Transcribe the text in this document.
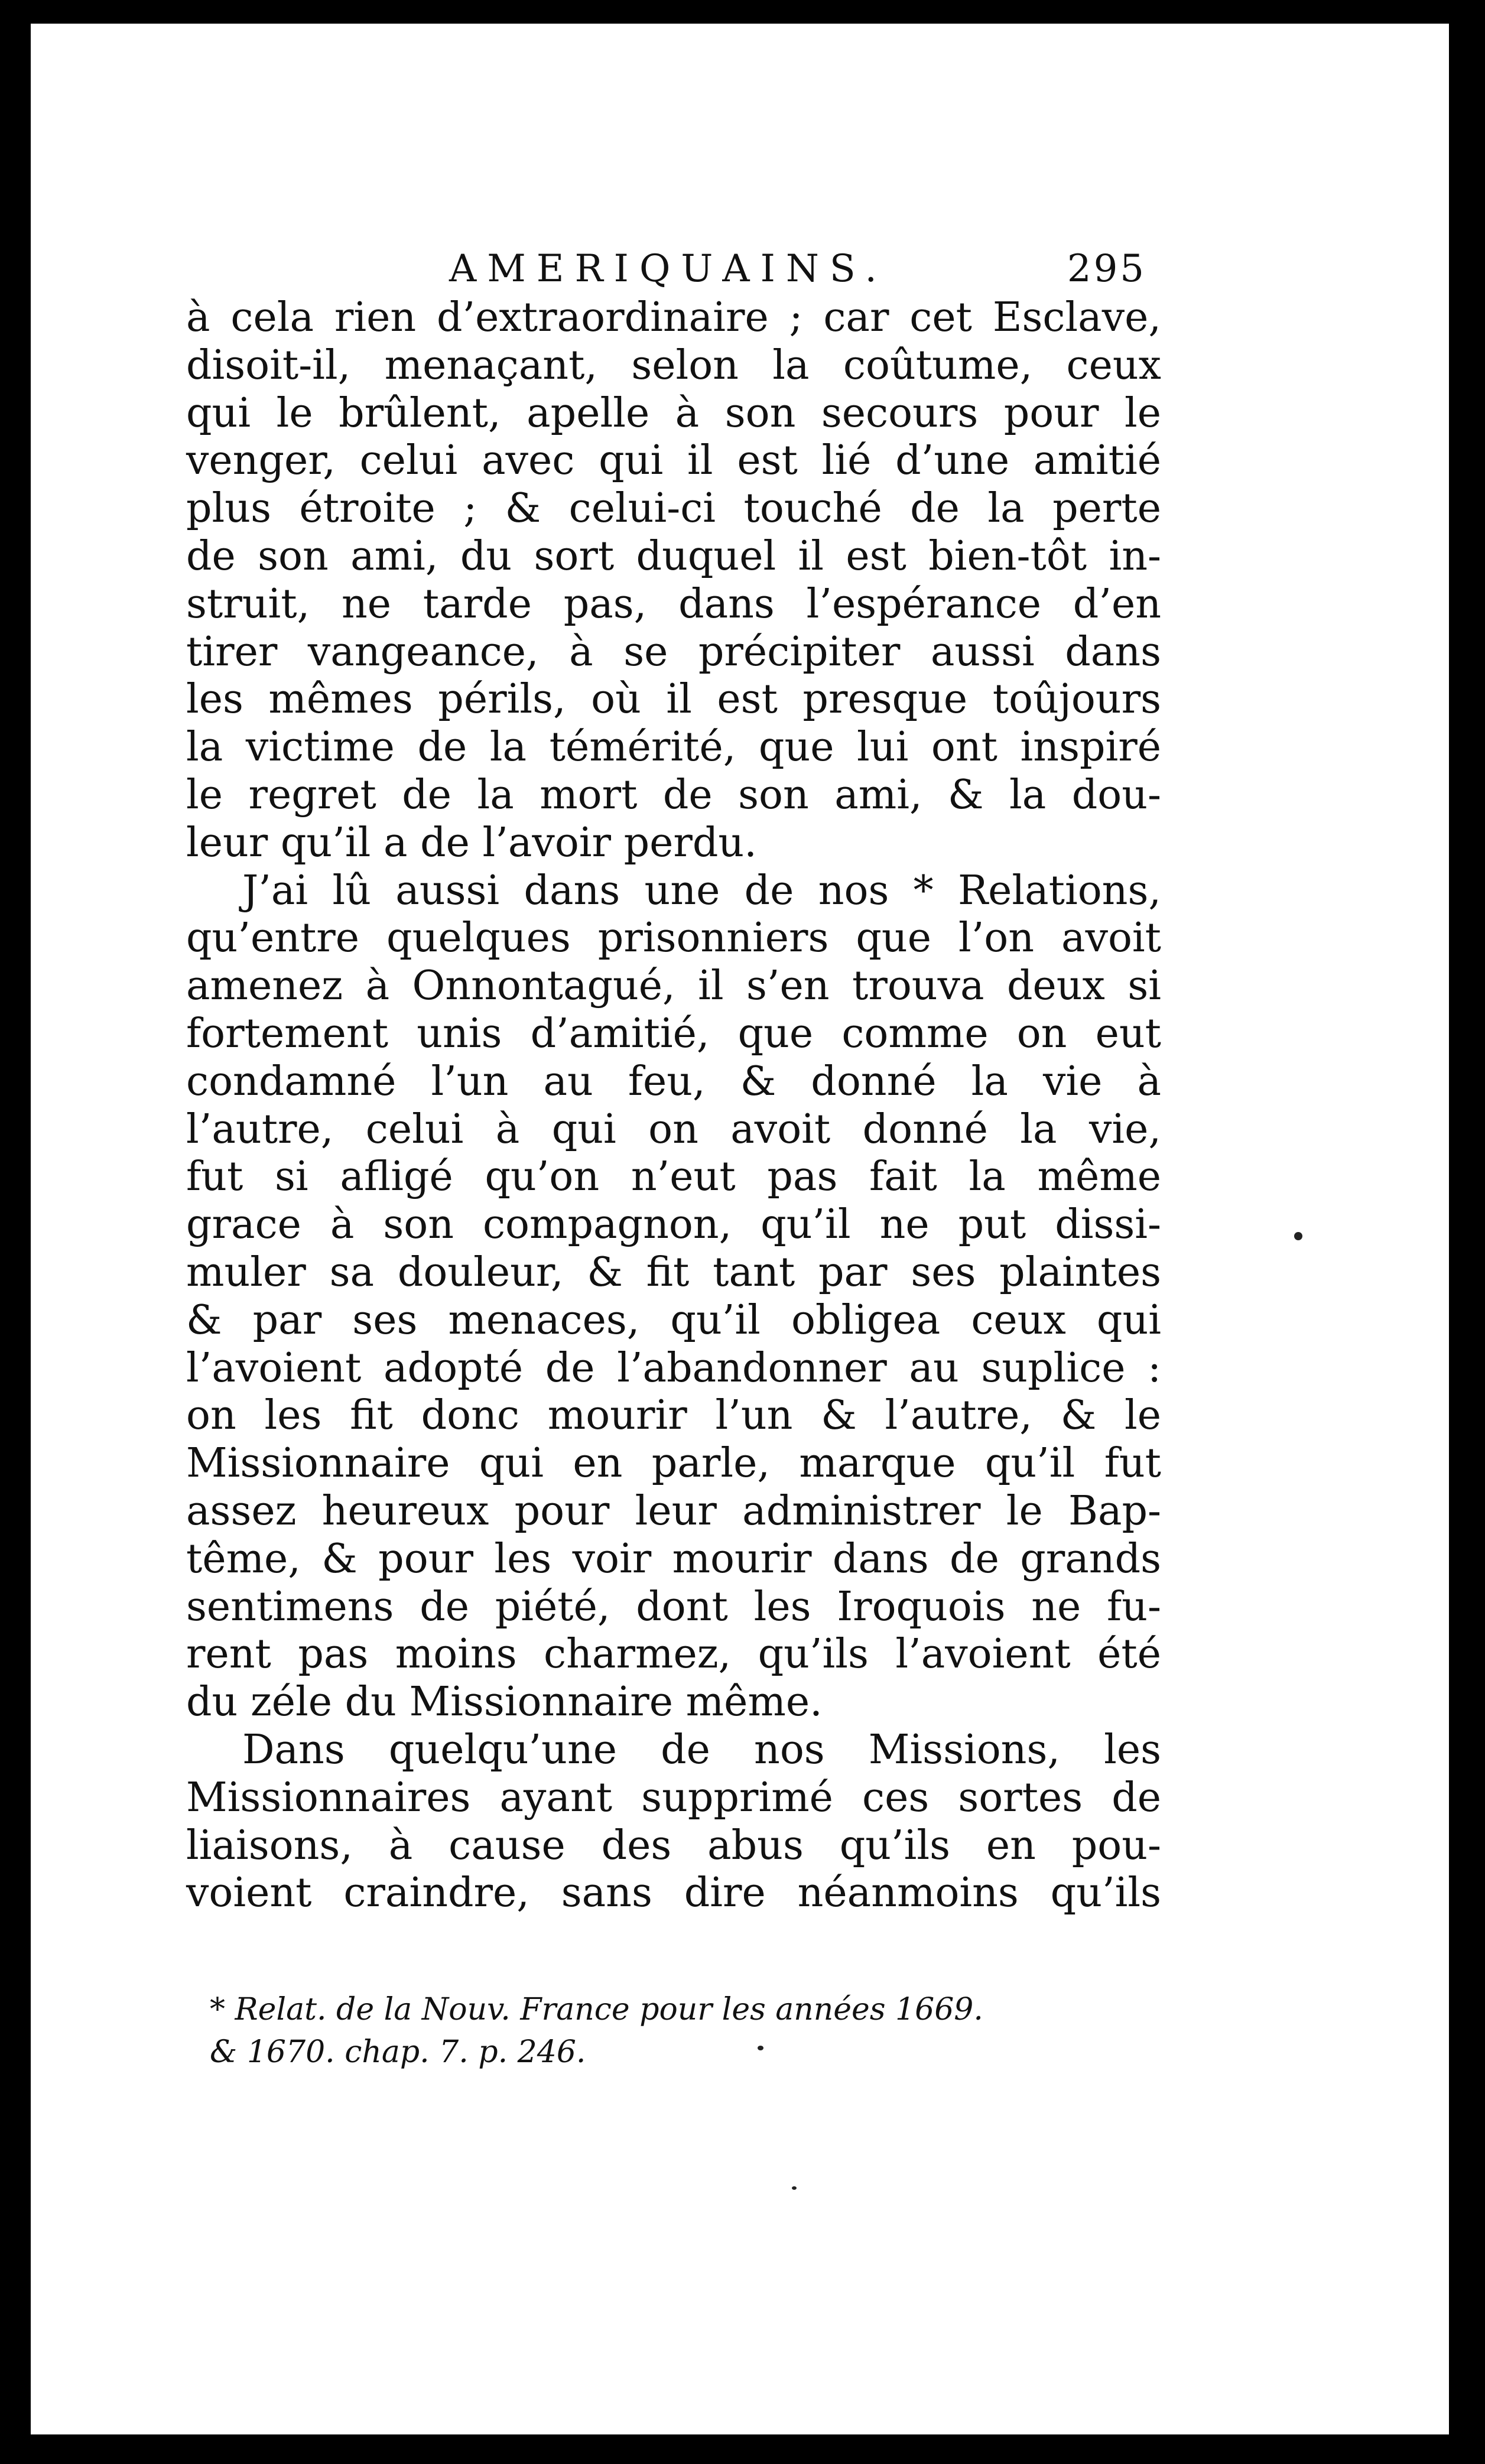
AMERIQUAINS.	295
à cela rien d’extraordinaire ; car cet Esclave,
disoit-il, menaçant, selon la coûtume, ceux
qui le brûlent, apelle à son secours pour le
venger, celui avec qui il est lié d’une amitié
plus étroite ; & celui-ci touché de la perte
de son ami, du sort duquel il est bien-tôt in-
struit, ne tarde pas, dans l’espérance d’en
tirer vangeance, à se précipiter aussi dans
les mêmes périls, où il est presque toûjours
la victime de la témérité, que lui ont inspiré
le regret de la mort de son ami, & la dou-
leur qu’il a de l’avoir perdu.
J’ai lû aussi dans une de nos * Relations,
qu’entre quelques prisonniers que l’on avoit
amenez à Onnontagué, il s’en trouva deux si
fortement unis d’amitié, que comme on eut
condamné l’un au feu, & donné la vie à
l’autre, celui à qui on avoit donné la vie,
fut si afligé qu’on n’eut pas fait la même
grace à son compagnon, qu’il ne put dissi-
muler sa douleur, & fit tant par ses plaintes
& par ses menaces, qu’il obligea ceux qui
l’avoient adopté de l’abandonner au suplice :
on les fit donc mourir l’un & l’autre, & le
Missionnaire qui en parle, marque qu’il fut
assez heureux pour leur administrer le Bap-
tême, & pour les voir mourir dans de grands
sentimens de piété, dont les Iroquois ne fu-
rent pas moins charmez, qu’ils l’avoient été
du zéle du Missionnaire même.
Dans quelqu’une de nos Missions, les
Missionnaires ayant supprimé ces sortes de
liaisons, à cause des abus qu’ils en pou-
voient craindre, sans dire néanmoins qu’ils
* Relat. de la Nouv. France pour les années 1669.
& 1670. chap. 7. p. 246.
